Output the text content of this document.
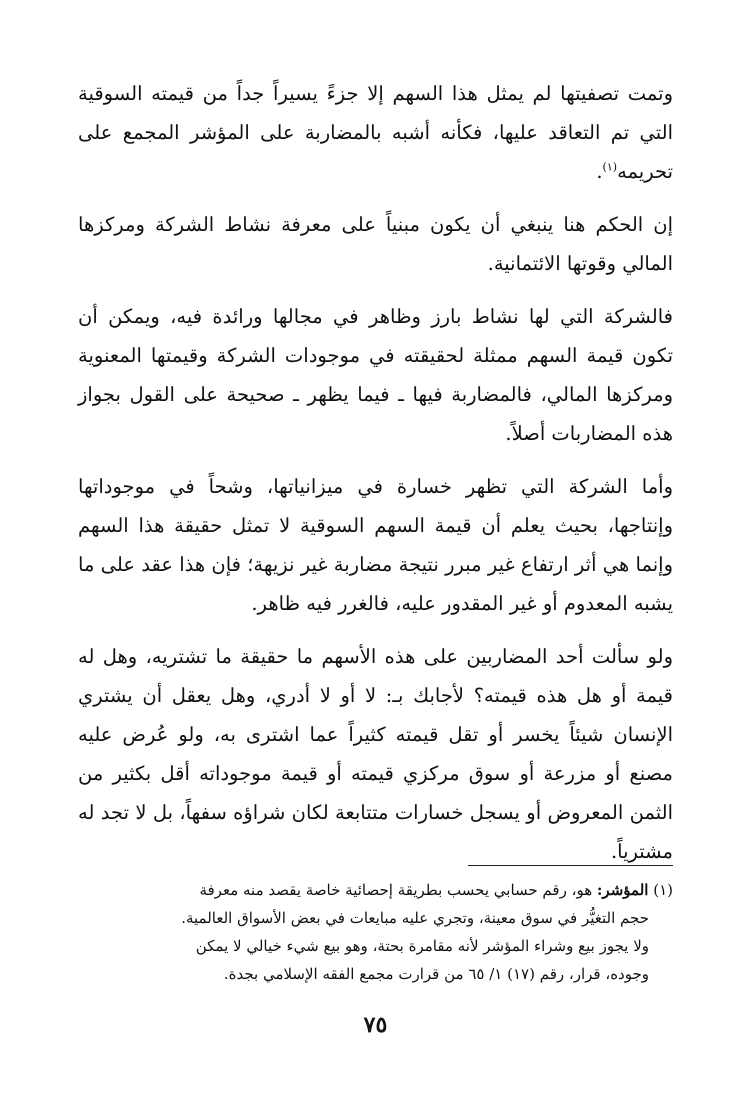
وتمت تصفيتها لم يمثل هذا السهم إلا جزءً يسيراً جداً من قيمته السوقية التي تم التعاقد عليها، فكأنه أشبه بالمضاربة على المؤشر المجمع على تحريمه$^{(١)}$.

إن الحكم هنا ينبغي أن يكون مبنياً على معرفة نشاط الشركة ومركزها المالي وقوتها الائتمانية.

فالشركة التي لها نشاط بارز وظاهر في مجالها ورائدة فيه، ويمكن أن تكون قيمة السهم ممثلة لحقيقته في موجودات الشركة وقيمتها المعنوية ومركزها المالي، فالمضاربة فيها ـ فيما يظهر ـ صحيحة على القول بجواز هذه المضاربات أصلاً.

وأما الشركة التي تظهر خسارة في ميزانياتها، وشحاً في موجوداتها وإنتاجها، بحيث يعلم أن قيمة السهم السوقية لا تمثل حقيقة هذا السهم وإنما هي أثر ارتفاع غير مبرر نتيجة مضاربة غير نزيهة؛ فإن هذا عقد على ما يشبه المعدوم أو غير المقدور عليه، فالغرر فيه ظاهر.

ولو سألت أحد المضاربين على هذه الأسهم ما حقيقة ما تشتريه، وهل له قيمة أو هل هذه قيمته؟ لأجابك بـ: لا أو لا أدري، وهل يعقل أن يشتري الإنسان شيئاً يخسر أو تقل قيمته كثيراً عما اشترى به، ولو عُرض عليه مصنع أو مزرعة أو سوق مركزي قيمته أو قيمة موجوداته أقل بكثير من الثمن المعروض أو يسجل خسارات متتابعة لكان شراؤه سفهاً، بل لا تجد له مشترياً.

(١) المؤشر: هو، رقم حسابي يحسب بطريقة إحصائية خاصة يقصد منه معرفة

حجم التغيُّر في سوق معينة، وتجري عليه مبايعات في بعض الأسواق العالمية.

ولا يجوز بيع وشراء المؤشر لأنه مقامرة بحتة، وهو بيع شيء خيالي لا يمكن

وجوده، قرار، رقم (١٧) ١/ ٦٥ من قرارت مجمع الفقه الإسلامي بجدة.

٧٥
